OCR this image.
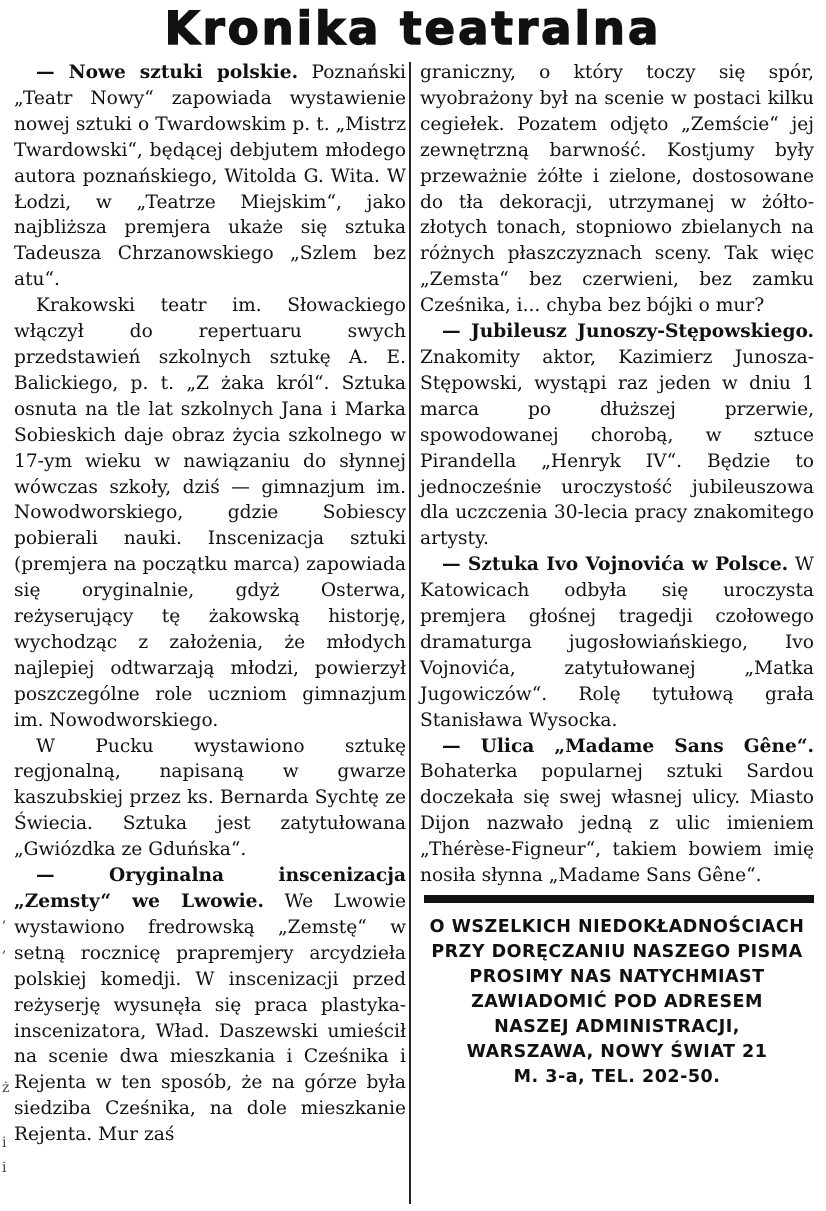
Kronika teatralna
,
,
ż
i
i

— Nowe sztuki polskie. Poznański „Teatr Nowy“ zapowiada wystawienie nowej sztuki o Twardowskim p. t. „Mistrz Twardowski“, będącej debjutem młodego autora poznańskiego, Witolda G. Wita. W Łodzi, w „Teatrze Miejskim“, jako najbliższa premjera ukaże się sztuka Tadeusza Chrzanowskiego „Szlem bez atu“.

Krakowski teatr im. Słowackiego włączył do repertuaru swych przedstawień szkolnych sztukę A. E. Balickiego, p. t. „Z żaka król“. Sztuka osnuta na tle lat szkolnych Jana i Marka Sobieskich daje obraz życia szkolnego w 17-ym wieku w nawiązaniu do słynnej wówczas szkoły, dziś — gimnazjum im. Nowodworskiego, gdzie Sobiescy pobierali nauki. Inscenizacja sztuki (premjera na początku marca) zapowiada się oryginalnie, gdyż Osterwa, reżyserujący tę żakowską historję, wychodząc z założenia, że młodych najlepiej odtwarzają młodzi, powierzył poszczególne role uczniom gimnazjum im. Nowodworskiego.

W Pucku wystawiono sztukę regjonalną, napisaną w gwarze kaszubskiej przez ks. Bernarda Sychtę ze Świecia. Sztuka jest zatytułowana „Gwiózdka ze Gduńska“.

— Oryginalna inscenizacja „Zemsty“ we Lwowie. We Lwowie wystawiono fredrowską „Zemstę“ w setną rocznicę prapremjery arcydzieła polskiej komedji. W inscenizacji przed reżyserję wysunęła się praca plastyka-inscenizatora, Wład. Daszewski umieścił na scenie dwa mieszkania i Cześnika i Rejenta w ten sposób, że na górze była siedziba Cześnika, na dole mieszkanie Rejenta. Mur zaś

graniczny, o który toczy się spór, wyobrażony był na scenie w postaci kilku cegiełek. Pozatem odjęto „Zemście“ jej zewnętrzną barwność. Kostjumy były przeważnie żółte i zielone, dostosowane do tła dekoracji, utrzymanej w żółto-złotych tonach, stopniowo zbielanych na różnych płaszczyznach sceny. Tak więc „Zemsta“ bez czerwieni, bez zamku Cześnika, i... chyba bez bójki o mur?

— Jubileusz Junoszy-Stępowskiego. Znakomity aktor, Kazimierz Junosza-Stępowski, wystąpi raz jeden w dniu 1 marca po dłuższej przerwie, spowodowanej chorobą, w sztuce Pirandella „Henryk IV“. Będzie to jednocześnie uroczystość jubileuszowa dla uczczenia 30-lecia pracy znakomitego artysty.

— Sztuka Ivo Vojnovića w Polsce. W Katowicach odbyła się uroczysta premjera głośnej tragedji czołowego dramaturga jugosłowiańskiego, Ivo Vojnovića, zatytułowanej „Matka Jugowiczów“. Rolę tytułową grała Stanisława Wysocka.

— Ulica „Madame Sans Gêne“. Bohaterka popularnej sztuki Sardou doczekała się swej własnej ulicy. Miasto Dijon nazwało jedną z ulic imieniem „Thérèse-Figneur“, takiem bowiem imię nosiła słynna „Madame Sans Gêne“.

O WSZELKICH NIEDOKŁADNOŚCIACH PRZY DORĘCZANIU NASZEGO PISMA PROSIMY NAS NATYCHMIAST ZAWIADOMIĆ POD ADRESEM
NASZEJ ADMINISTRACJI,
WARSZAWA, NOWY ŚWIAT 21
M. 3-a, TEL. 202-50.
